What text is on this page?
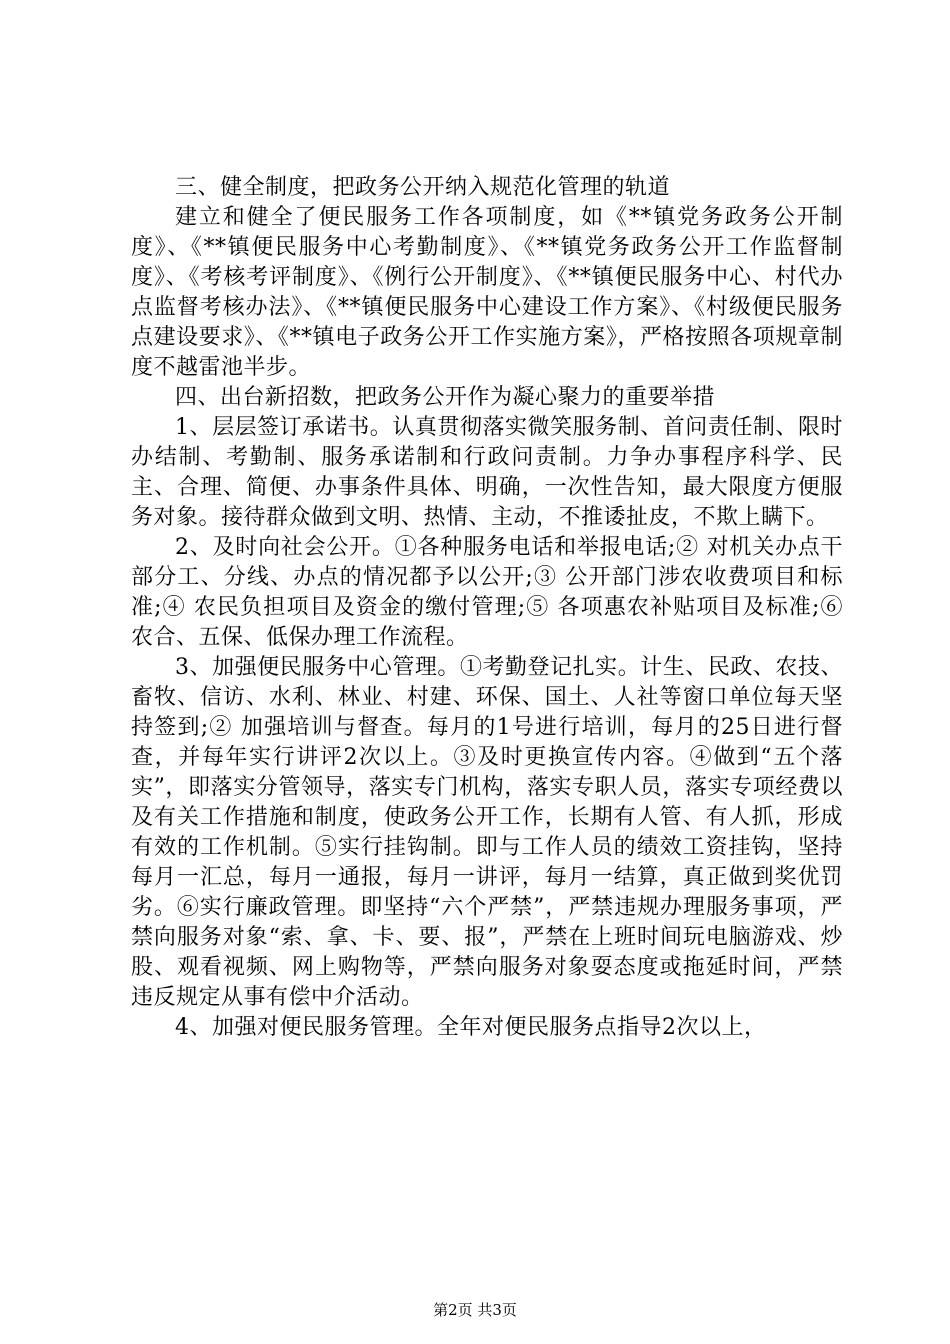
三、健全制度，把政务公开纳入规范化管理的轨道

建立和健全了便民服务工作各项制度，如《**镇党务政务公开制度》、《**镇便民服务中心考勤制度》、《**镇党务政务公开工作监督制度》、《考核考评制度》、《例行公开制度》、《**镇便民服务中心、村代办点监督考核办法》、《**镇便民服务中心建设工作方案》、《村级便民服务点建设要求》、《**镇电子政务公开工作实施方案》，严格按照各项规章制度不越雷池半步。

四、出台新招数，把政务公开作为凝心聚力的重要举措

1、层层签订承诺书。认真贯彻落实微笑服务制、首问责任制、限时办结制、考勤制、服务承诺制和行政问责制。力争办事程序科学、民主、合理、简便、办事条件具体、明确，一次性告知，最大限度方便服务对象。接待群众做到文明、热情、主动，不推诿扯皮，不欺上瞒下。

2、及时向社会公开。①各种服务电话和举报电话;② 对机关办点干部分工、分线、办点的情况都予以公开;③ 公开部门涉农收费项目和标准;④ 农民负担项目及资金的缴付管理;⑤ 各项惠农补贴项目及标准;⑥ 农合、五保、低保办理工作流程。

3、加强便民服务中心管理。①考勤登记扎实。计生、民政、农技、畜牧、信访、水利、林业、村建、环保、国土、人社等窗口单位每天坚持签到;② 加强培训与督查。每月的1号进行培训，每月的25日进行督查，并每年实行讲评2次以上。③及时更换宣传内容。④做到“五个落实”，即落实分管领导，落实专门机构，落实专职人员，落实专项经费以及有关工作措施和制度，使政务公开工作，长期有人管、有人抓，形成有效的工作机制。⑤实行挂钩制。即与工作人员的绩效工资挂钩，坚持每月一汇总，每月一通报，每月一讲评，每月一结算，真正做到奖优罚劣。⑥实行廉政管理。即坚持“六个严禁”，严禁违规办理服务事项，严禁向服务对象“索、拿、卡、要、报”，严禁在上班时间玩电脑游戏、炒股、观看视频、网上购物等，严禁向服务对象耍态度或拖延时间，严禁违反规定从事有偿中介活动。

4、加强对便民服务管理。全年对便民服务点指导2次以上，

第2页 共3页
